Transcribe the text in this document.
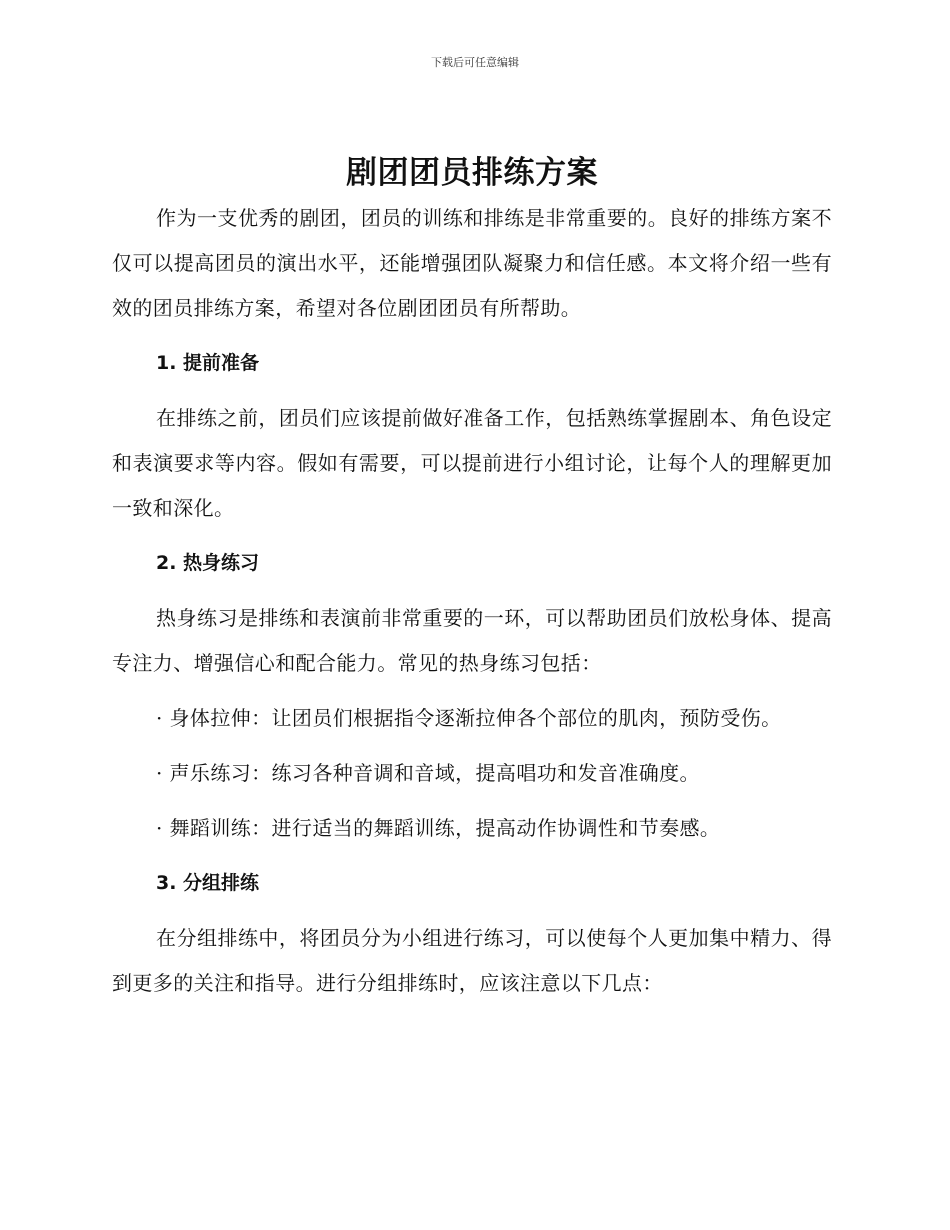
下载后可任意编辑
剧团团员排练方案

作为一支优秀的剧团，团员的训练和排练是非常重要的。良好的排练方案不仅可以提高团员的演出水平，还能增强团队凝聚力和信任感。本文将介绍一些有效的团员排练方案，希望对各位剧团团员有所帮助。

1. 提前准备

在排练之前，团员们应该提前做好准备工作，包括熟练掌握剧本、角色设定和表演要求等内容。假如有需要，可以提前进行小组讨论，让每个人的理解更加一致和深化。

2. 热身练习

热身练习是排练和表演前非常重要的一环，可以帮助团员们放松身体、提高专注力、增强信心和配合能力。常见的热身练习包括：

· 身体拉伸：让团员们根据指令逐渐拉伸各个部位的肌肉，预防受伤。

· 声乐练习：练习各种音调和音域，提高唱功和发音准确度。

· 舞蹈训练：进行适当的舞蹈训练，提高动作协调性和节奏感。

3. 分组排练

在分组排练中，将团员分为小组进行练习，可以使每个人更加集中精力、得到更多的关注和指导。进行分组排练时，应该注意以下几点：
